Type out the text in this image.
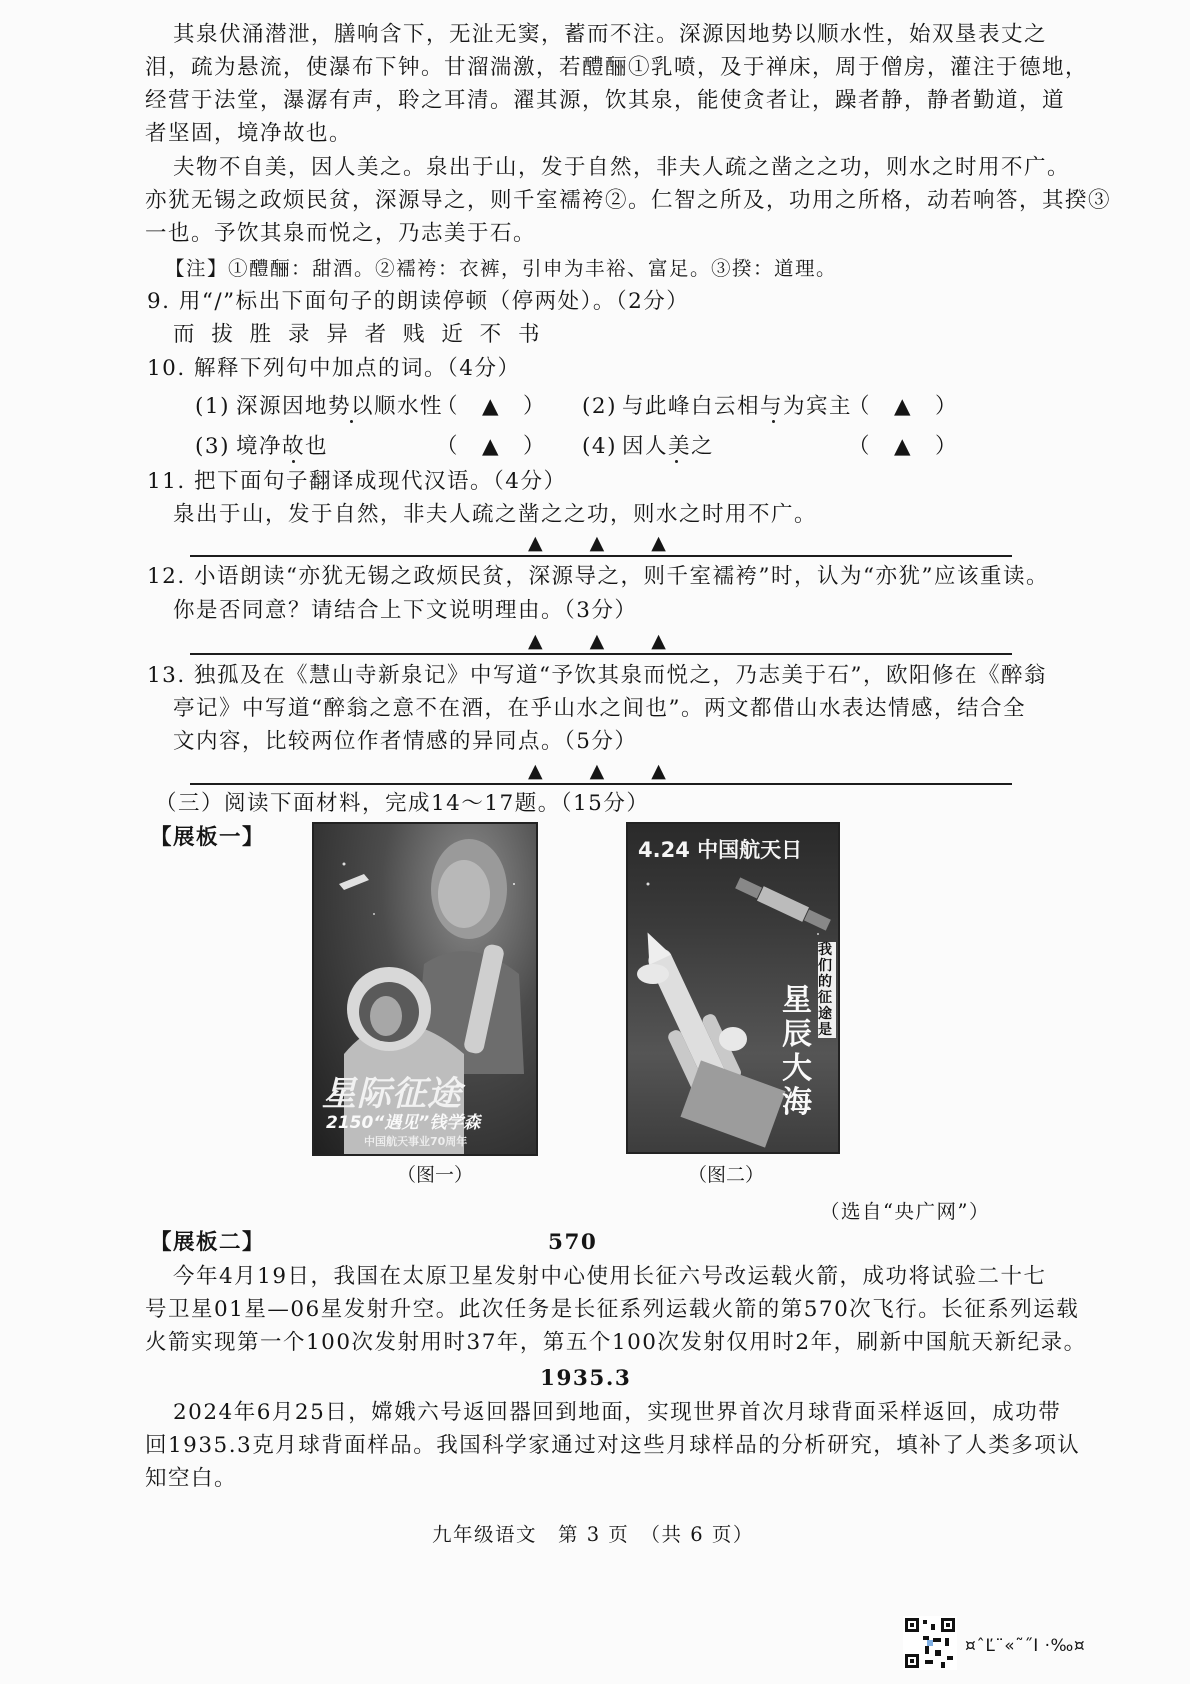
其泉伏涌潜泄，膳响含下，无沚无窦，蓄而不注。深源因地势以顺水性，始双垦表丈之
泪，疏为悬流，使瀑布下钟。甘溜湍激，若醴酾①乳喷，及于禅床，周于僧房，灌注于德地，
经营于法堂，瀑潺有声，聆之耳清。濯其源，饮其泉，能使贪者让，躁者静，静者勤道，道
者坚固，境净故也。
夫物不自美，因人美之。泉出于山，发于自然，非夫人疏之凿之之功，则水之时用不广。
亦犹无锡之政烦民贫，深源导之，则千室襦袴②。仁智之所及，功用之所格，动若响答，其揆③
一也。予饮其泉而悦之，乃志美于石。
【注】①醴酾：甜酒。②襦袴：衣裤，引申为丰裕、富足。③揆：道理。
9. 用“/”标出下面句子的朗读停顿（停两处）。（2分）
而 拔 胜 录 异 者 贱 近 不 书
10. 解释下列句中加点的词。（4分）
(1) 深源因地势以顺水性
（　▲　） (2) 与此峰白云相与为宾主
（　▲　）
(3) 境净故也	（　▲　） (4) 因人美之	（　▲　）
11. 把下面句子翻译成现代汉语。（4分）
泉出于山，发于自然，非夫人疏之凿之之功，则水之时用不广。
▲　▲　▲
12. 小语朗读“亦犹无锡之政烦民贫，深源导之，则千室襦袴”时，认为“亦犹”应该重读。
你是否同意？请结合上下文说明理由。（3分）
▲　▲　▲
13. 独孤及在《慧山寺新泉记》中写道“予饮其泉而悦之，乃志美于石”，欧阳修在《醉翁
亭记》中写道“醉翁之意不在酒，在乎山水之间也”。两文都借山水表达情感，结合全
文内容，比较两位作者情感的异同点。（5分）
▲　▲　▲
（三）阅读下面材料，完成14～17题。（15分）
【展板一】
星际征途
2150“遇见”钱学森
中国航天事业70周年
（图一）
4.24 中国航天日
我们的征途是
星辰大海
（图二）
（选自“央广网”）
【展板二】	570
今年4月19日，我国在太原卫星发射中心使用长征六号改运载火箭，成功将试验二十七
号卫星01星—06星发射升空。此次任务是长征系列运载火箭的第570次飞行。长征系列运载
火箭实现第一个100次发射用时37年，第五个100次发射仅用时2年，刷新中国航天新纪录。
1935.3
2024年6月25日，嫦娥六号返回器回到地面，实现世界首次月球背面采样返回，成功带
回1935.3克月球背面样品。我国科学家通过对这些月球样品的分析研究，填补了人类多项认
知空白。
九年级语文　第 3 页　（共 6 页）
¤ˆĽ¨«˜˝Ι ·‰¤
